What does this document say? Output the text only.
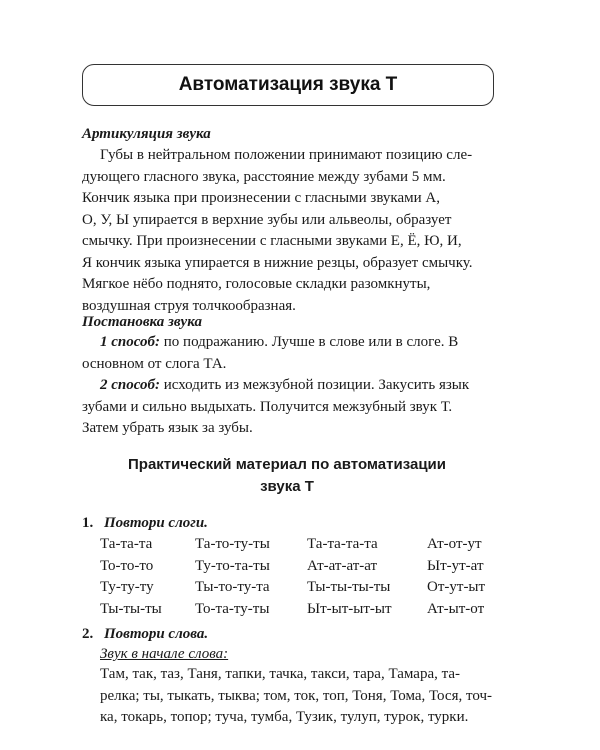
Автоматизация звука Т
Артикуляция звука
Губы в нейтральном положении принимают позицию сле-
дующего гласного звука, расстояние между зубами 5 мм.
Кончик языка при произнесении с гласными звуками А,
О, У, Ы упирается в верхние зубы или альвеолы, образует
смычку. При произнесении с гласными звуками Е, Ё, Ю, И,
Я кончик языка упирается в нижние резцы, образует смычку.
Мягкое нёбо поднято, голосовые складки разомкнуты,
воздушная струя толчкообразная.
Постановка звука
1 способ: по подражанию. Лучше в слове или в слоге. В
основном от слога ТА.
2 способ: исходить из межзубной позиции. Закусить язык
зубами и сильно выдыхать. Получится межзубный звук Т.
Затем убрать язык за зубы.
Практический материал по автоматизации
звука Т
1. Повтори слоги.
Та-та-та	Та-то-ту-ты	Та-та-та-та	Ат-от-ут
То-то-то	Ту-то-та-ты	Ат-ат-ат-ат	Ыт-ут-ат
Ту-ту-ту	Ты-то-ту-та	Ты-ты-ты-ты	От-ут-ыт
Ты-ты-ты	То-та-ту-ты	Ыт-ыт-ыт-ыт	Ат-ыт-от
2. Повтори слова.
Звук в начале слова:
Там, так, таз, Таня, тапки, тачка, такси, тара, Тамара, та-
релка; ты, тыкать, тыква; том, ток, топ, Тоня, Тома, Тося, точ-
ка, токарь, топор; туча, тумба, Тузик, тулуп, турок, турки.
